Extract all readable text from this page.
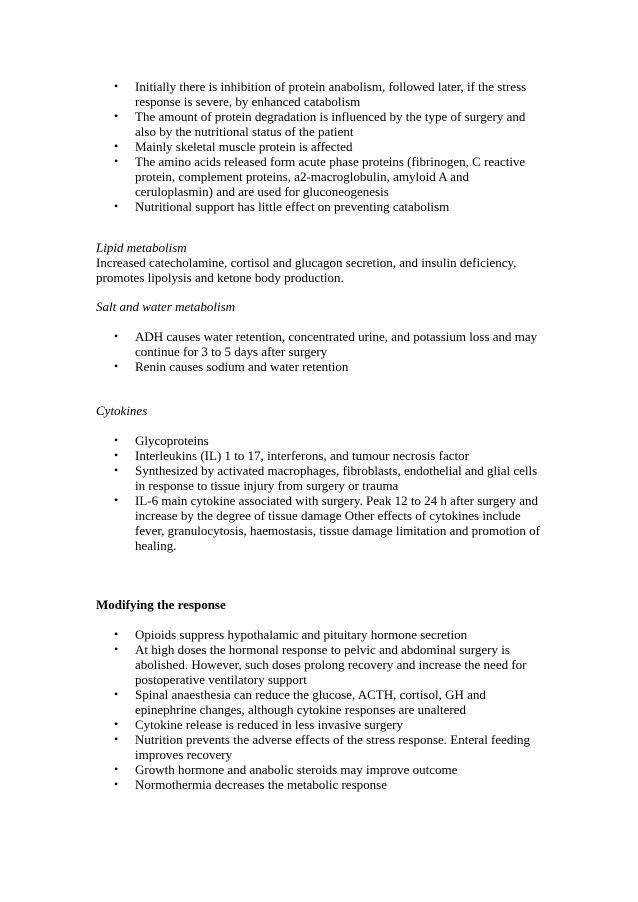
• Initially there is inhibition of protein anabolism, followed later, if the stress response is severe, by enhanced catabolism
• The amount of protein degradation is influenced by the type of surgery and also by the nutritional status of the patient
• Mainly skeletal muscle protein is affected
• The amino acids released form acute phase proteins (fibrinogen, C reactive protein, complement proteins, a2-macroglobulin, amyloid A and ceruloplasmin) and are used for gluconeogenesis
• Nutritional support has little effect on preventing catabolism
Lipid metabolism
Increased catecholamine, cortisol and glucagon secretion, and insulin deficiency, promotes lipolysis and ketone body production.
Salt and water metabolism
• ADH causes water retention, concentrated urine, and potassium loss and may continue for 3 to 5 days after surgery
• Renin causes sodium and water retention
Cytokines
• Glycoproteins
• Interleukins (IL) 1 to 17, interferons, and tumour necrosis factor
• Synthesized by activated macrophages, fibroblasts, endothelial and glial cells in response to tissue injury from surgery or trauma
• IL-6 main cytokine associated with surgery. Peak 12 to 24 h after surgery and increase by the degree of tissue damage Other effects of cytokines include fever, granulocytosis, haemostasis, tissue damage limitation and promotion of healing.
Modifying the response
• Opioids suppress hypothalamic and pituitary hormone secretion
• At high doses the hormonal response to pelvic and abdominal surgery is abolished. However, such doses prolong recovery and increase the need for postoperative ventilatory support
• Spinal anaesthesia can reduce the glucose, ACTH, cortisol, GH and epinephrine changes, although cytokine responses are unaltered
• Cytokine release is reduced in less invasive surgery
• Nutrition prevents the adverse effects of the stress response. Enteral feeding improves recovery
• Growth hormone and anabolic steroids may improve outcome
• Normothermia decreases the metabolic response
